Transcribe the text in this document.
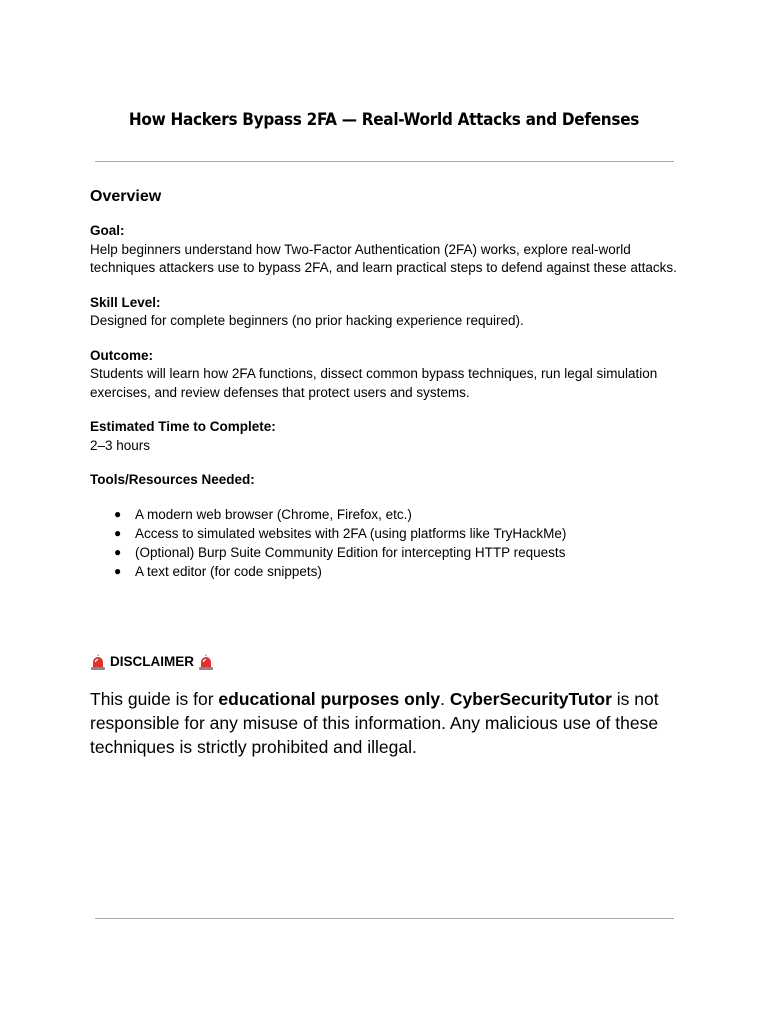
How Hackers Bypass 2FA — Real-World Attacks and Defenses
Overview
Goal:
Help beginners understand how Two-Factor Authentication (2FA) works, explore real-world techniques attackers use to bypass 2FA, and learn practical steps to defend against these attacks.
Skill Level:
Designed for complete beginners (no prior hacking experience required).
Outcome:
Students will learn how 2FA functions, dissect common bypass techniques, run legal simulation exercises, and review defenses that protect users and systems.
Estimated Time to Complete:
2–3 hours
Tools/Resources Needed:
● A modern web browser (Chrome, Firefox, etc.)
● Access to simulated websites with 2FA (using platforms like TryHackMe)
● (Optional) Burp Suite Community Edition for intercepting HTTP requests
● A text editor (for code snippets)
DISCLAIMER
This guide is for educational purposes only. CyberSecurityTutor is not responsible for any misuse of this information. Any malicious use of these techniques is strictly prohibited and illegal.
